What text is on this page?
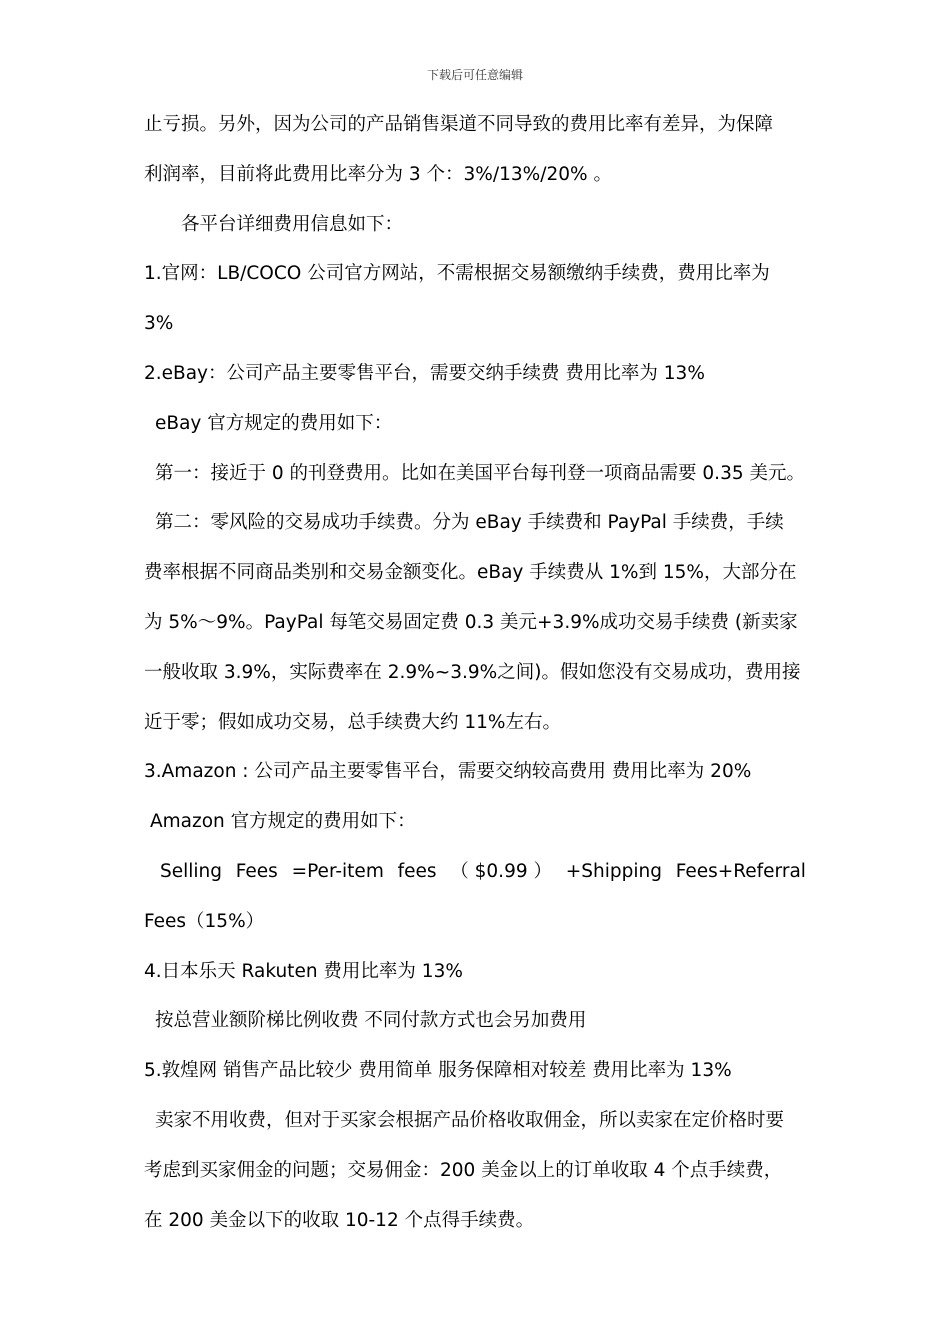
下载后可任意编辑
止亏损。另外，因为公司的产品销售渠道不同导致的费用比率有差异，为保障
利润率，目前将此费用比率分为 3 个：3%/13%/20% 。
各平台详细费用信息如下：
1.官网：LB/COCO 公司官方网站，不需根据交易额缴纳手续费，费用比率为
3%
2.eBay：公司产品主要零售平台，需要交纳手续费 费用比率为 13%
eBay 官方规定的费用如下：
第一：接近于 0 的刊登费用。比如在美国平台每刊登一项商品需要 0.35 美元。
第二：零风险的交易成功手续费。分为 eBay 手续费和 PayPal 手续费，手续
费率根据不同商品类别和交易金额变化。eBay 手续费从 1%到 15%，大部分在
为 5%～9%。PayPal 每笔交易固定费 0.3 美元+3.9%成功交易手续费 (新卖家
一般收取 3.9%，实际费率在 2.9%~3.9%之间)。假如您没有交易成功，费用接
近于零；假如成功交易，总手续费大约 11%左右。
3.Amazon : 公司产品主要零售平台，需要交纳较高费用 费用比率为 20%
Amazon 官方规定的费用如下：
Selling Fees =Per-item fees （ $0.99 ） +Shipping Fees+Referral
Fees（15%）
4.日本乐天 Rakuten 费用比率为 13%
按总营业额阶梯比例收费 不同付款方式也会另加费用
5.敦煌网 销售产品比较少 费用简单 服务保障相对较差 费用比率为 13%
卖家不用收费，但对于买家会根据产品价格收取佣金，所以卖家在定价格时要
考虑到买家佣金的问题；交易佣金：200 美金以上的订单收取 4 个点手续费，
在 200 美金以下的收取 10-12 个点得手续费。
